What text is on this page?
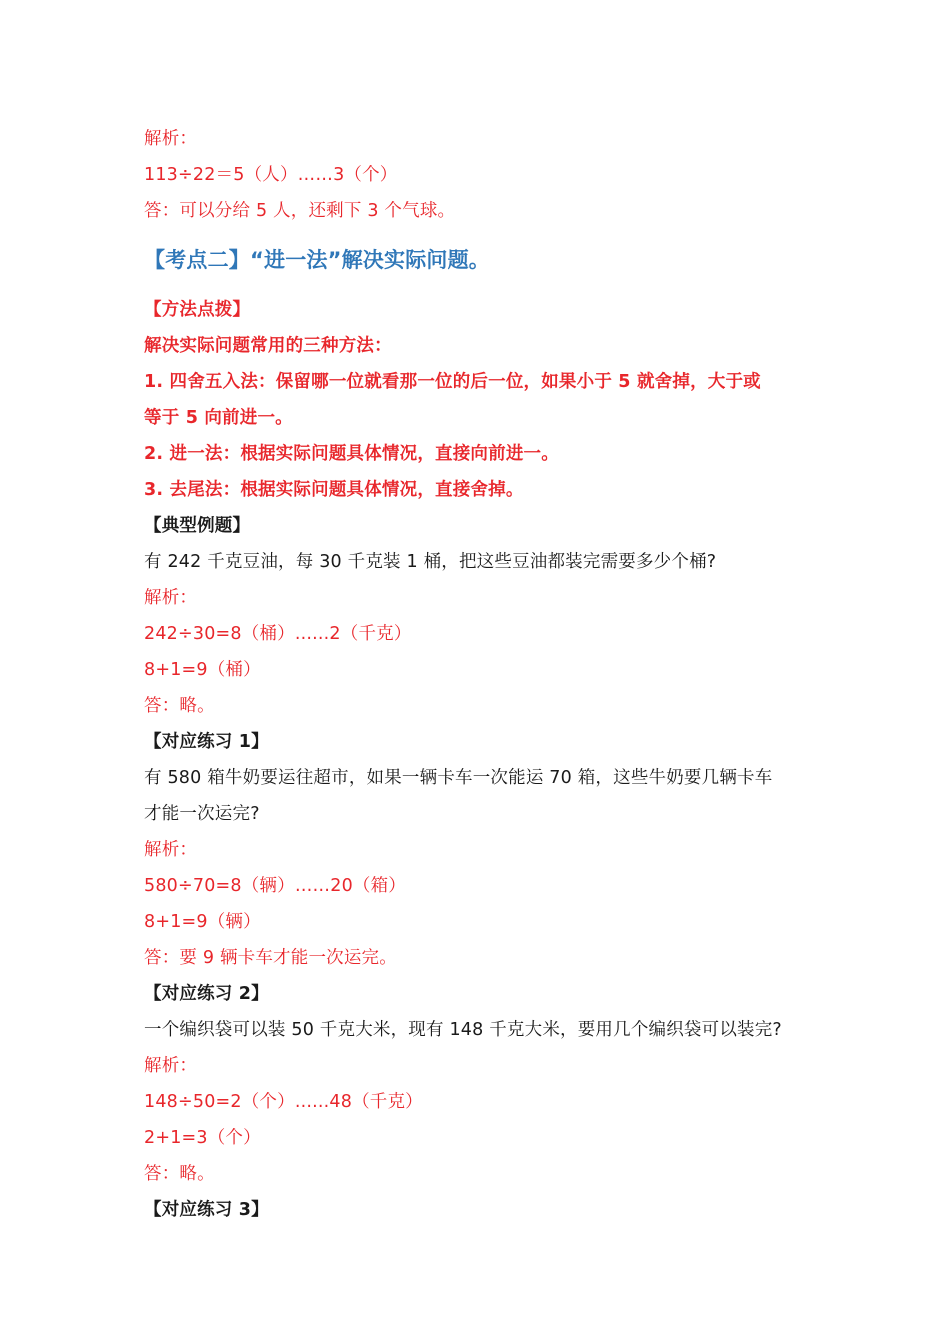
解析：
113÷22＝5（人）……3（个）
答：可以分给 5 人，还剩下 3 个气球。
【考点二】“进一法”解决实际问题。
【方法点拨】
解决实际问题常用的三种方法：
1. 四舍五入法：保留哪一位就看那一位的后一位，如果小于 5 就舍掉，大于或
等于 5 向前进一。
2. 进一法：根据实际问题具体情况，直接向前进一。
3. 去尾法：根据实际问题具体情况，直接舍掉。
【典型例题】
有 242 千克豆油，每 30 千克装 1 桶，把这些豆油都装完需要多少个桶?
解析：
242÷30=8（桶）......2（千克）
8+1=9（桶）
答：略。
【对应练习 1】
有 580 箱牛奶要运往超市，如果一辆卡车一次能运 70 箱，这些牛奶要几辆卡车
才能一次运完?
解析：
580÷70=8（辆）……20（箱）
8+1=9（辆）
答：要 9 辆卡车才能一次运完。
【对应练习 2】
一个编织袋可以装 50 千克大米，现有 148 千克大米，要用几个编织袋可以装完?
解析：
148÷50=2（个）......48（千克）
2+1=3（个）
答：略。
【对应练习 3】
